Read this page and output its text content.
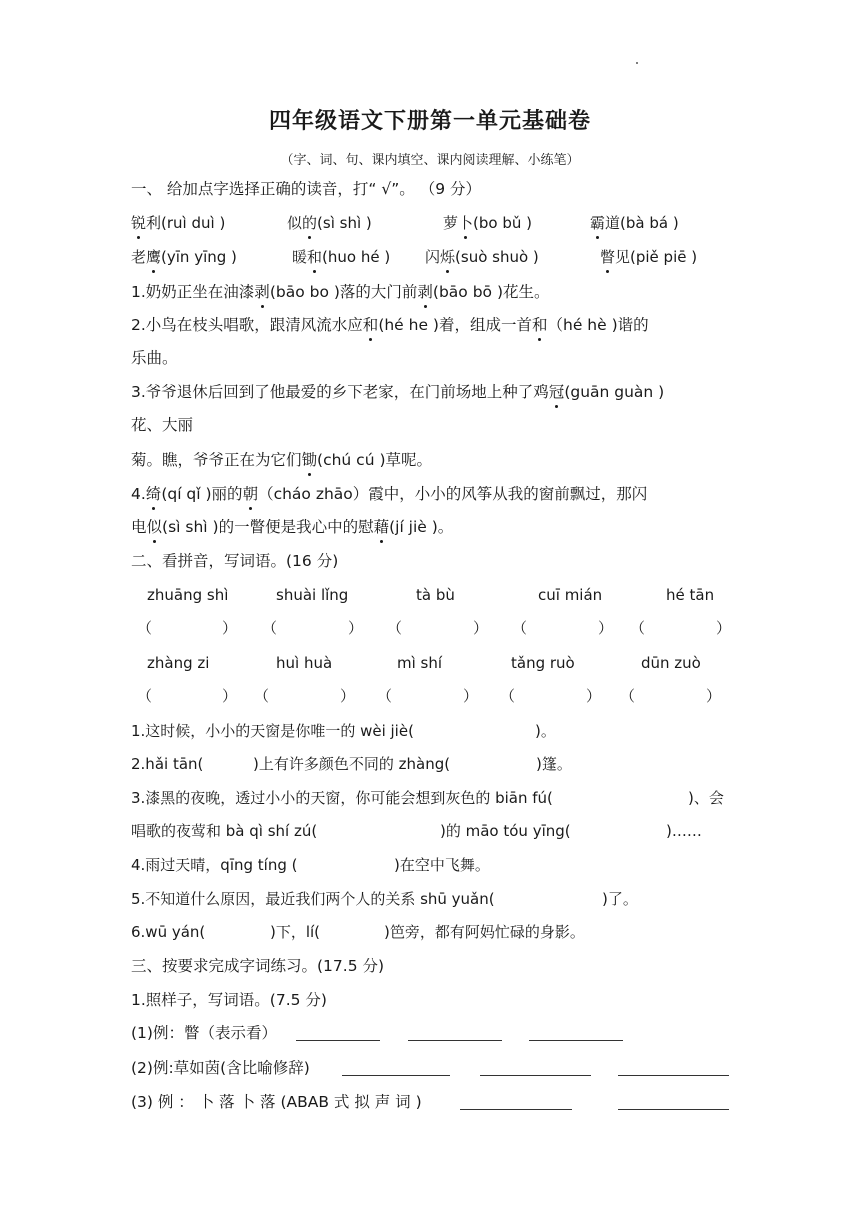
四年级语文下册第一单元基础卷
（字、词、句、课内填空、课内阅读理解、小练笔）
一、 给加点字选择正确的读音，打“ √”。 （9 分）
锐利(ruì duì )	似的(sì shì )	萝卜(bo bǔ )	霸道(bà bá )
老鹰(yīn yīng )	暖和(huo hé ) 闪烁(suò shuò )	瞥见(piě piē )
1.奶奶正坐在油漆剥(bāo bo )落的大门前剥(bāo bō )花生。
2.小鸟在枝头唱歌，跟清风流水应和(hé he )着，组成一首和（hé hè )谐的
乐曲。
3.爷爷退休后回到了他最爱的乡下老家，在门前场地上种了鸡冠(guān guàn )
花、大丽
菊。瞧，爷爷正在为它们锄(chú cú )草呢。
4.绮(qí qǐ )丽的朝（cháo zhāo）霞中，小小的风筝从我的窗前飘过，那闪
电似(sì shì )的一瞥便是我心中的慰藉(jí jiè )。
二、看拼音，写词语。(16 分)
zhuāng shì	shuài lǐng	tà bù	cuī mián	hé tān
（	） （	） （	） （	） （	）
zhàng zi	huì huà	mì shí	tǎng ruò	dūn zuò
（	） （	） （	） （	） （	）
1.这时候，小小的天窗是你唯一的 wèi jiè(	)。
2.hǎi tān(	)上有许多颜色不同的 zhàng(	)篷。
3.漆黑的夜晚，透过小小的天窗，你可能会想到灰色的 biān fú(	)、会
唱歌的夜莺和 bà qì shí zú(	)的 māo tóu yīng(	)……
4.雨过天晴，qīng tíng (	)在空中飞舞。
5.不知道什么原因，最近我们两个人的关系 shū yuǎn(	)了。
6.wū yán(	)下，lí(	)笆旁，都有阿妈忙碌的身影。
三、按要求完成字词练习。(17.5 分)
1.照样子，写词语。(7.5 分)
(1)例：瞥（表示看）
(2)例:草如茵(含比喻修辞)
(3) 例 ： 卜 落 卜 落 (ABAB 式 拟 声 词 )
